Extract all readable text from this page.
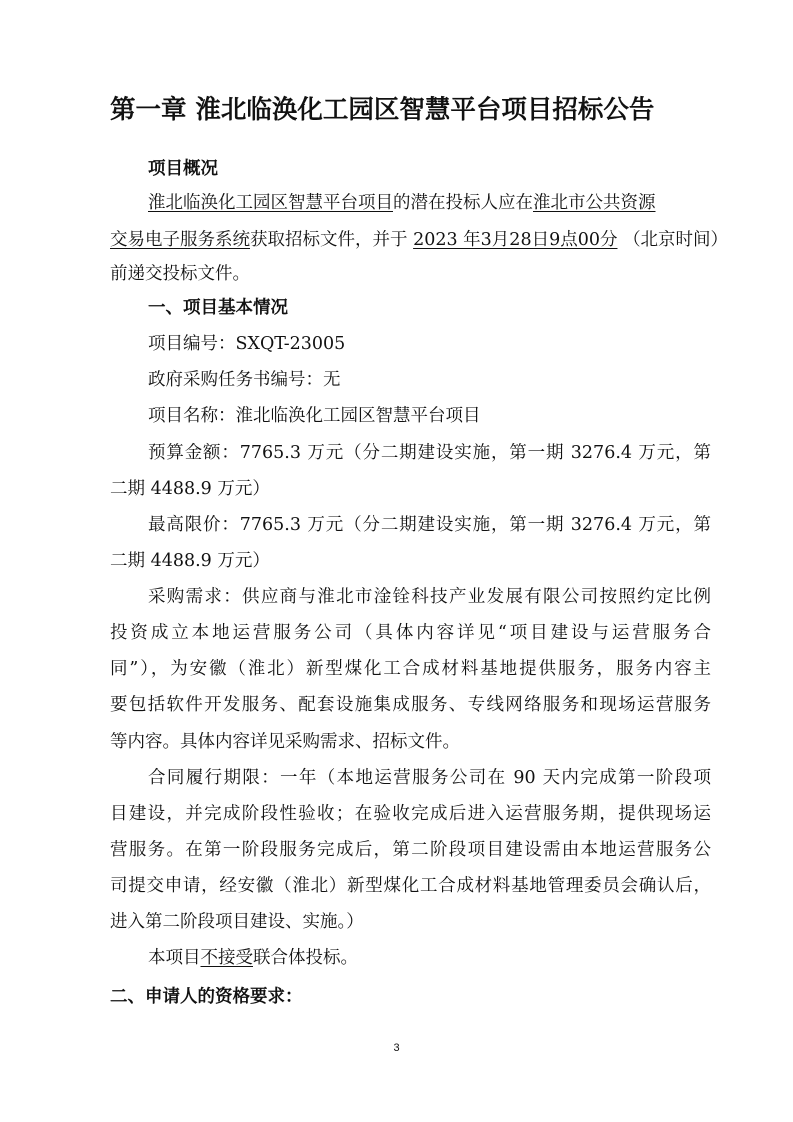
第一章 淮北临涣化工园区智慧平台项目招标公告
项目概况
淮北临涣化工园区智慧平台项目的潜在投标人应在淮北市公共资源
交易电子服务系统获取招标文件，并于 2023 年3月28日9点00分 （北京时间）
前递交投标文件。
一、项目基本情况
项目编号：SXQT-23005
政府采购任务书编号：无
项目名称：淮北临涣化工园区智慧平台项目
预算金额：7765.3 万元（分二期建设实施，第一期 3276.4 万元，第
二期 4488.9 万元）
最高限价：7765.3 万元（分二期建设实施，第一期 3276.4 万元，第
二期 4488.9 万元）
采购需求：供应商与淮北市淦铨科技产业发展有限公司按照约定比例
投资成立本地运营服务公司（具体内容详见“项目建设与运营服务合
同”），为安徽（淮北）新型煤化工合成材料基地提供服务，服务内容主
要包括软件开发服务、配套设施集成服务、专线网络服务和现场运营服务
等内容。具体内容详见采购需求、招标文件。
合同履行期限：一年（本地运营服务公司在 90 天内完成第一阶段项
目建设，并完成阶段性验收；在验收完成后进入运营服务期，提供现场运
营服务。在第一阶段服务完成后，第二阶段项目建设需由本地运营服务公
司提交申请，经安徽（淮北）新型煤化工合成材料基地管理委员会确认后，
进入第二阶段项目建设、实施。）
本项目不接受联合体投标。
二、申请人的资格要求：
3
